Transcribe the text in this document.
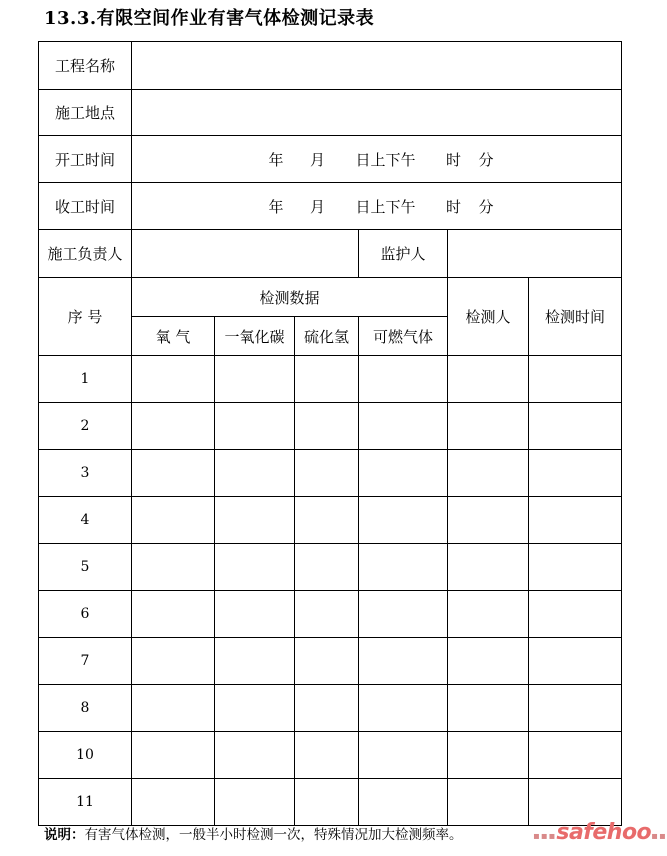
13.3.有限空间作业有害气体检测记录表
工程名称						
施工地点						
开工时间	年 月 日上下午 时 分					

收工时间	年 月 日上下午 时 分					

施工负责人				监护人		
序 号	检测数据				检测人	检测时间
	氧 气	一氧化碳	硫化氢	可燃气体		
1						
2						
3						
4						
5						
6						
7						
8						
10						
11						
说明：有害气体检测，一般半小时检测一次，特殊情况加大检测频率。	▪▪▪safehoo▪▪
